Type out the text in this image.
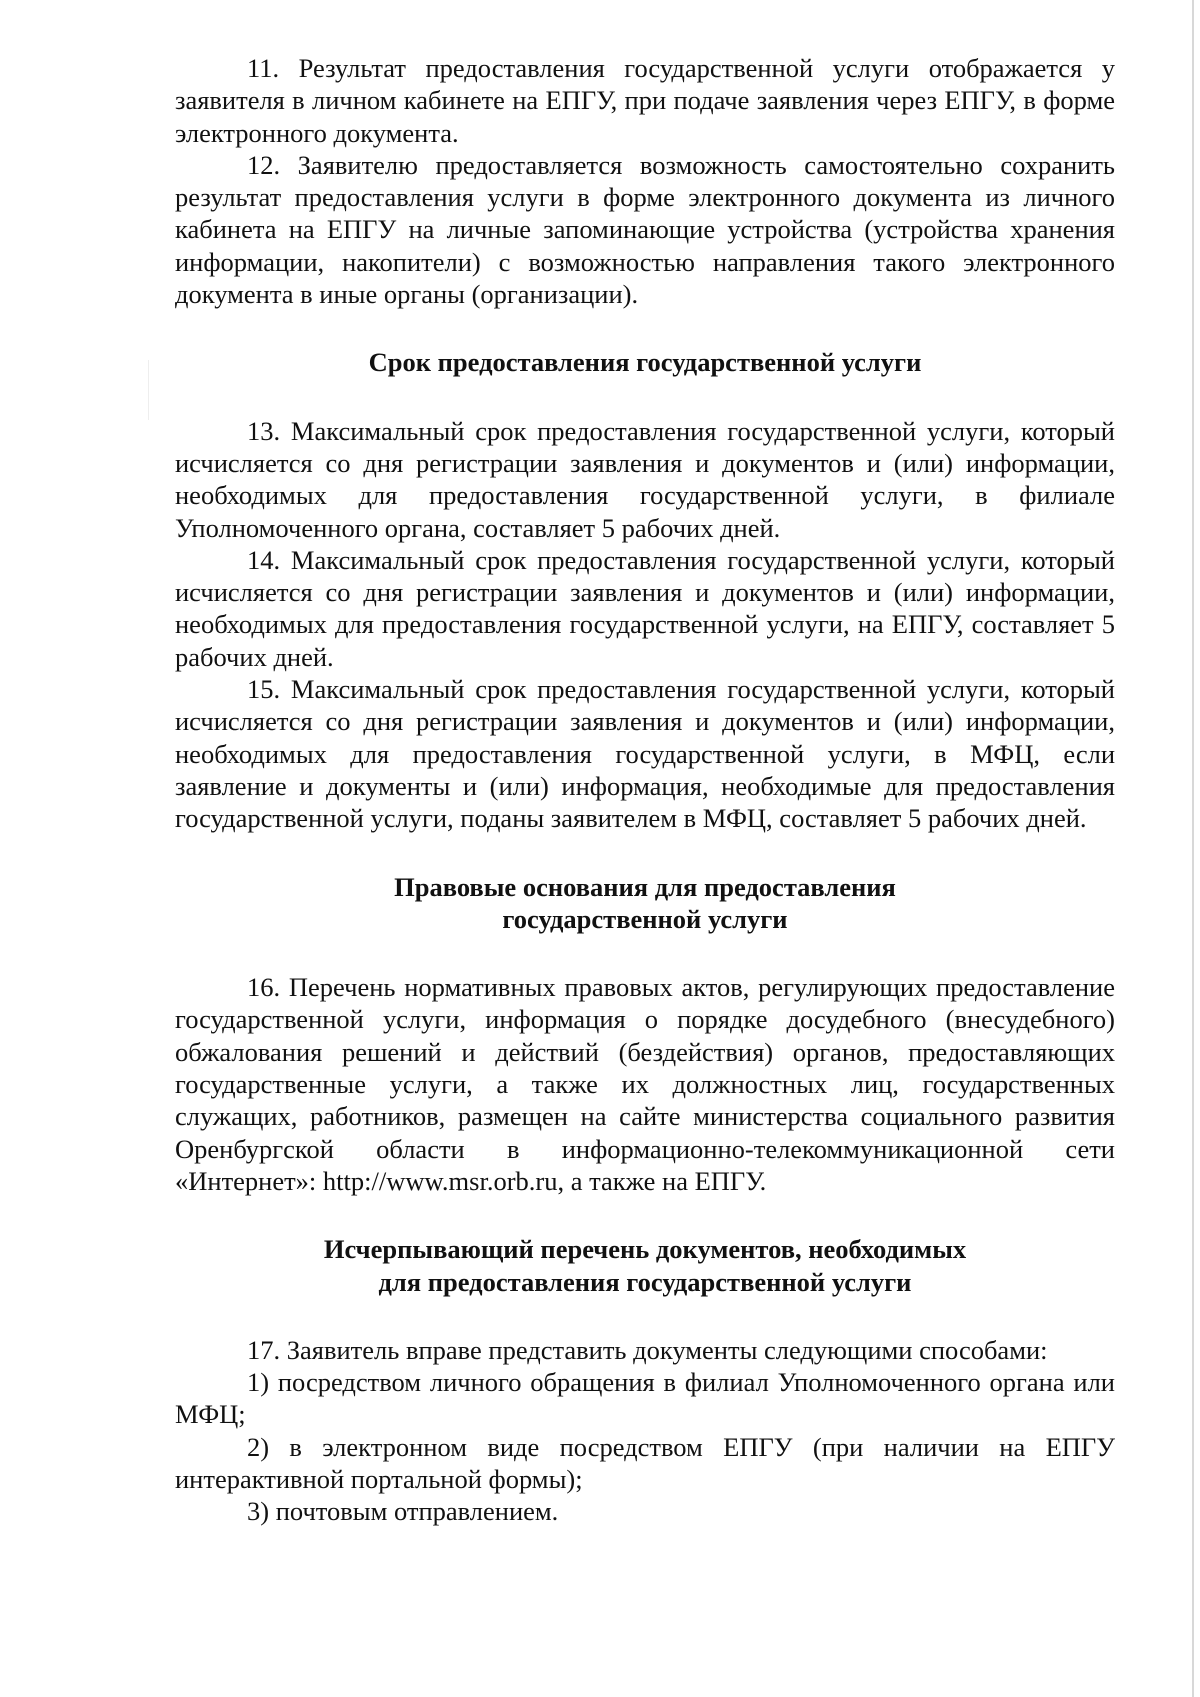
11. Результат предоставления государственной услуги отображается у заявителя в личном кабинете на ЕПГУ, при подаче заявления через ЕПГУ, в форме электронного документа.

12. Заявителю предоставляется возможность самостоятельно сохранить результат предоставления услуги в форме электронного документа из личного кабинета на ЕПГУ на личные запоминающие устройства (устройства хранения информации, накопители) с возможностью направления такого электронного документа в иные органы (организации).

Срок предоставления государственной услуги

13. Максимальный срок предоставления государственной услуги, который исчисляется со дня регистрации заявления и документов и (или) информации, необходимых для предоставления государственной услуги, в филиале Уполномоченного органа, составляет 5 рабочих дней.

14. Максимальный срок предоставления государственной услуги, который исчисляется со дня регистрации заявления и документов и (или) информации, необходимых для предоставления государственной услуги, на ЕПГУ, составляет 5 рабочих дней.

15. Максимальный срок предоставления государственной услуги, который исчисляется со дня регистрации заявления и документов и (или) информации, необходимых для предоставления государственной услуги, в МФЦ, если заявление и документы и (или) информация, необходимые для предоставления государственной услуги, поданы заявителем в МФЦ, составляет 5 рабочих дней.

Правовые основания для предоставления
государственной услуги

16. Перечень нормативных правовых актов, регулирующих предоставление государственной услуги, информация о порядке досудебного (внесудебного) обжалования решений и действий (бездействия) органов, предоставляющих государственные услуги, а также их должностных лиц, государственных служащих, работников, размещен на сайте министерства социального развития Оренбургской области в информационно-телекоммуникационной сети «Интернет»: http://www.msr.orb.ru, а также на ЕПГУ.

Исчерпывающий перечень документов, необходимых
для предоставления государственной услуги

17. Заявитель вправе представить документы следующими способами:

1) посредством личного обращения в филиал Уполномоченного органа или МФЦ;

2) в электронном виде посредством ЕПГУ (при наличии на ЕПГУ интерактивной портальной формы);

3) почтовым отправлением.
